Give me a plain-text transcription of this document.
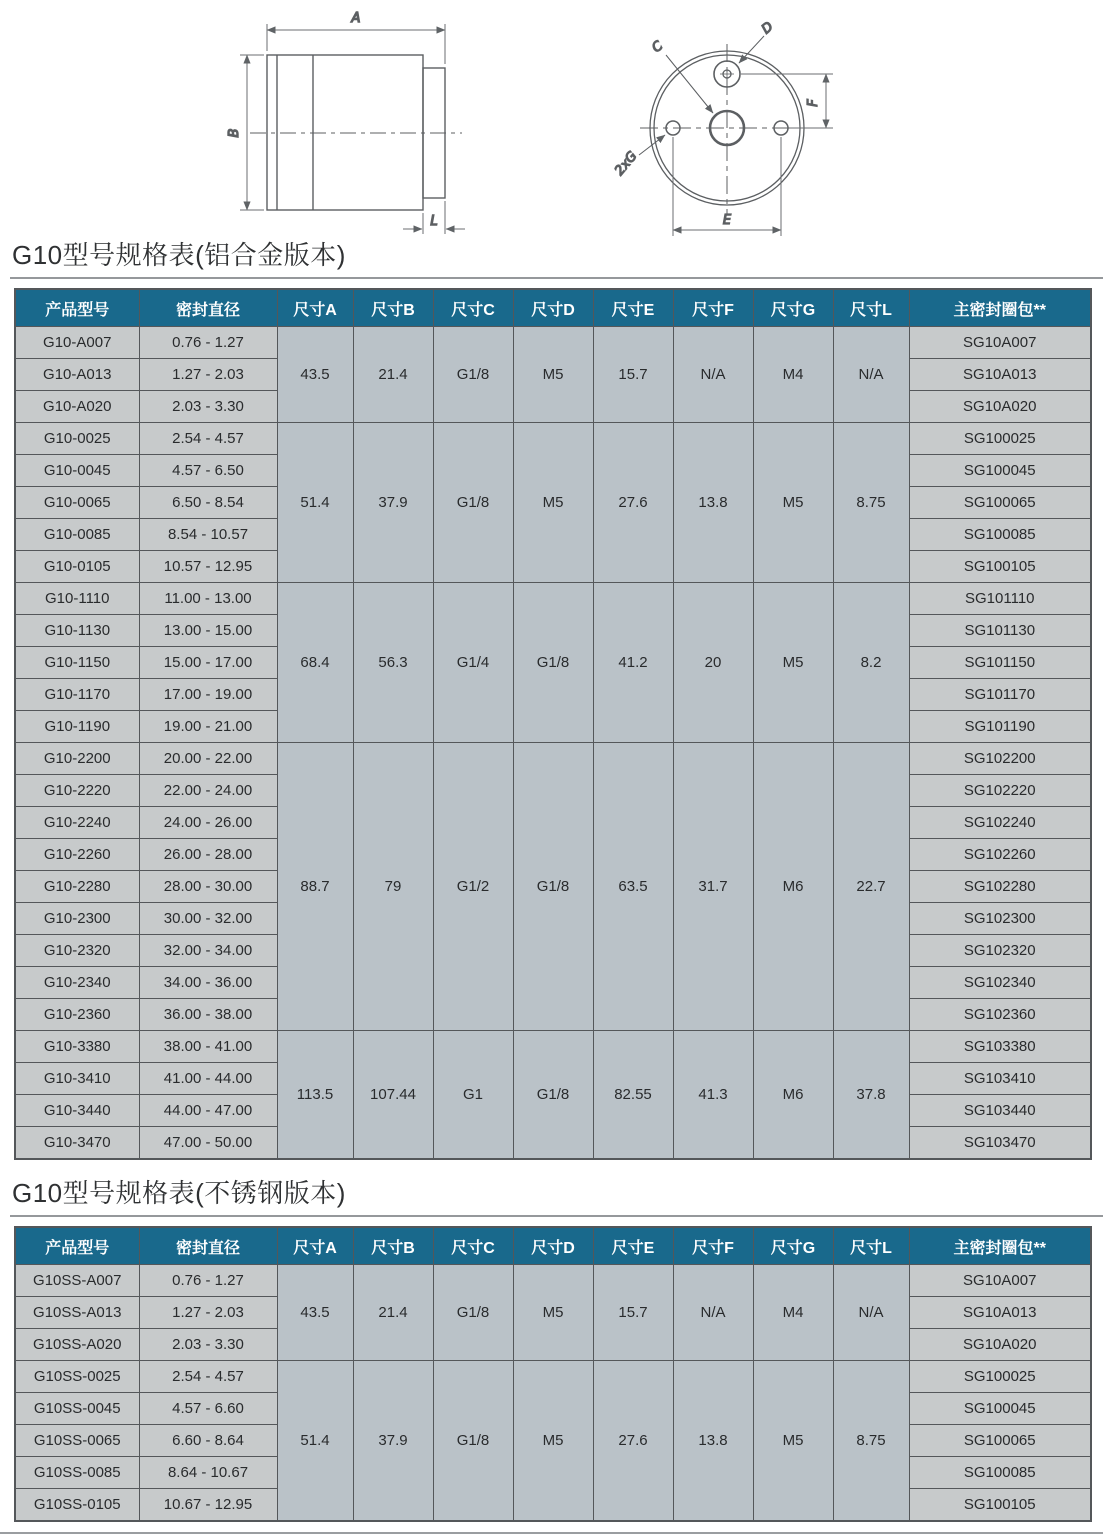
A
B
L
C
D
2xG
F
E
G10型号规格表(铝合金版本)
产品型号	密封直径	尺寸A	尺寸B	尺寸C	尺寸D	尺寸E	尺寸F	尺寸G	尺寸L	主密封圈包**
G10-A007	0.76 - 1.27	43.5	21.4	G1/8	M5	15.7	N/A	M4	N/A	SG10A007
G10-A013	1.27 - 2.03									SG10A013
G10-A020	2.03 - 3.30									SG10A020
G10-0025	2.54 - 4.57	51.4	37.9	G1/8	M5	27.6	13.8	M5	8.75	SG100025
G10-0045	4.57 - 6.50									SG100045
G10-0065	6.50 - 8.54									SG100065
G10-0085	8.54 - 10.57									SG100085
G10-0105	10.57 - 12.95									SG100105
G10-1110	11.00 - 13.00	68.4	56.3	G1/4	G1/8	41.2	20	M5	8.2	SG101110
G10-1130	13.00 - 15.00									SG101130
G10-1150	15.00 - 17.00									SG101150
G10-1170	17.00 - 19.00									SG101170
G10-1190	19.00 - 21.00									SG101190
G10-2200	20.00 - 22.00	88.7	79	G1/2	G1/8	63.5	31.7	M6	22.7	SG102200
G10-2220	22.00 - 24.00									SG102220
G10-2240	24.00 - 26.00									SG102240
G10-2260	26.00 - 28.00									SG102260
G10-2280	28.00 - 30.00									SG102280
G10-2300	30.00 - 32.00									SG102300
G10-2320	32.00 - 34.00									SG102320
G10-2340	34.00 - 36.00									SG102340
G10-2360	36.00 - 38.00									SG102360
G10-3380	38.00 - 41.00	113.5	107.44	G1	G1/8	82.55	41.3	M6	37.8	SG103380
G10-3410	41.00 - 44.00									SG103410
G10-3440	44.00 - 47.00									SG103440
G10-3470	47.00 - 50.00									SG103470
G10型号规格表(不锈钢版本)
产品型号	密封直径	尺寸A	尺寸B	尺寸C	尺寸D	尺寸E	尺寸F	尺寸G	尺寸L	主密封圈包**
G10SS-A007	0.76 - 1.27	43.5	21.4	G1/8	M5	15.7	N/A	M4	N/A	SG10A007
G10SS-A013	1.27 - 2.03									SG10A013
G10SS-A020	2.03 - 3.30									SG10A020
G10SS-0025	2.54 - 4.57	51.4	37.9	G1/8	M5	27.6	13.8	M5	8.75	SG100025
G10SS-0045	4.57 - 6.60									SG100045
G10SS-0065	6.60 - 8.64									SG100065
G10SS-0085	8.64 - 10.67									SG100085
G10SS-0105	10.67 - 12.95									SG100105
